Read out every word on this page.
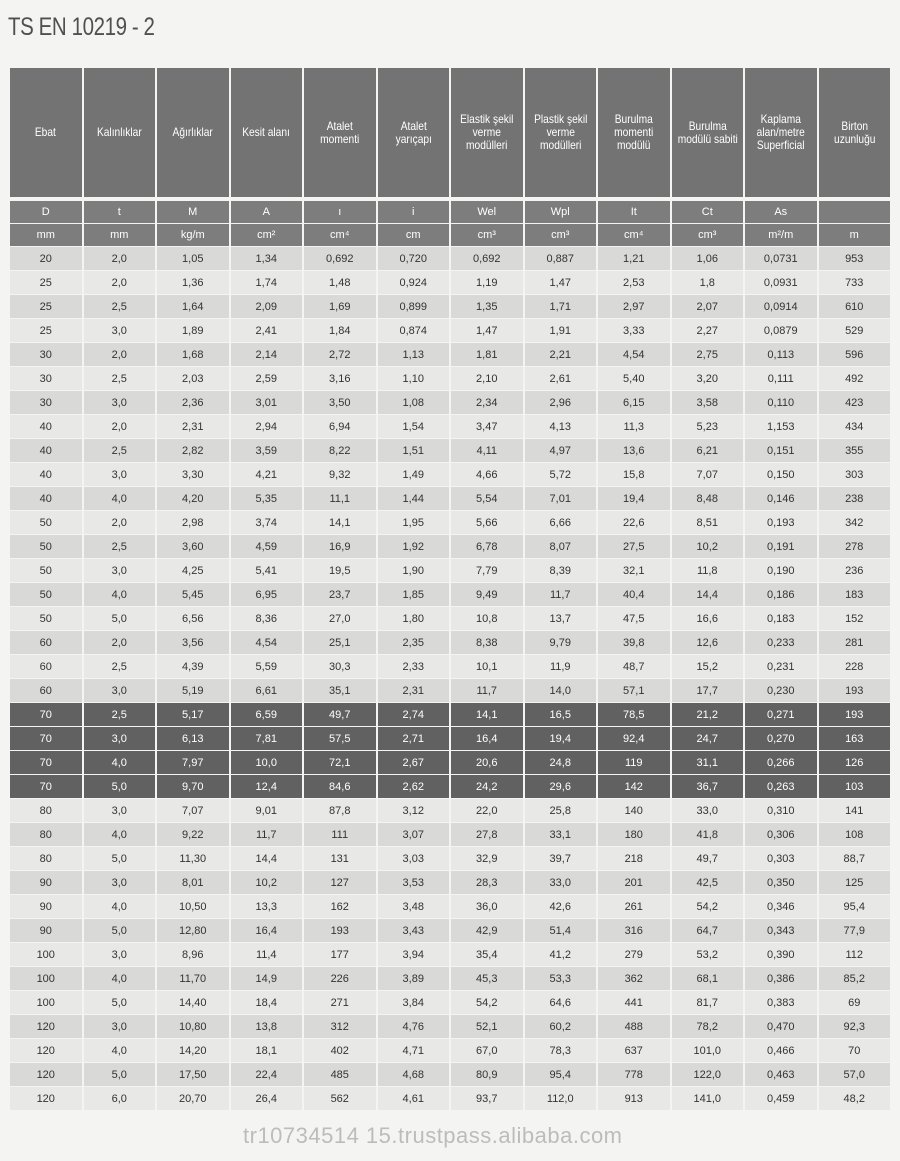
TS EN 10219 - 2
Ebat	Kalınlıklar	Ağırlıklar	Kesit alanı	Atalet momenti	Atalet yarıçapı	Elastik şekil verme modülleri	Plastik şekil verme modülleri	Burulma momenti modülü	Burulma modülü sabiti	Kaplama alan/metre Superficial	Birton uzunluğu
D	t	M	A	ı	i	Wel	Wpl	It	Ct	As	
mm	mm	kg/m	cm²	cm⁴	cm	cm³	cm³	cm⁴	cm³	m²/m	m
20	2,0	1,05	1,34	0,692	0,720	0,692	0,887	1,21	1,06	0,0731	953
25	2,0	1,36	1,74	1,48	0,924	1,19	1,47	2,53	1,8	0,0931	733
25	2,5	1,64	2,09	1,69	0,899	1,35	1,71	2,97	2,07	0,0914	610
25	3,0	1,89	2,41	1,84	0,874	1,47	1,91	3,33	2,27	0,0879	529
30	2,0	1,68	2,14	2,72	1,13	1,81	2,21	4,54	2,75	0,113	596
30	2,5	2,03	2,59	3,16	1,10	2,10	2,61	5,40	3,20	0,111	492
30	3,0	2,36	3,01	3,50	1,08	2,34	2,96	6,15	3,58	0,110	423
40	2,0	2,31	2,94	6,94	1,54	3,47	4,13	11,3	5,23	1,153	434
40	2,5	2,82	3,59	8,22	1,51	4,11	4,97	13,6	6,21	0,151	355
40	3,0	3,30	4,21	9,32	1,49	4,66	5,72	15,8	7,07	0,150	303
40	4,0	4,20	5,35	11,1	1,44	5,54	7,01	19,4	8,48	0,146	238
50	2,0	2,98	3,74	14,1	1,95	5,66	6,66	22,6	8,51	0,193	342
50	2,5	3,60	4,59	16,9	1,92	6,78	8,07	27,5	10,2	0,191	278
50	3,0	4,25	5,41	19,5	1,90	7,79	8,39	32,1	11,8	0,190	236
50	4,0	5,45	6,95	23,7	1,85	9,49	11,7	40,4	14,4	0,186	183
50	5,0	6,56	8,36	27,0	1,80	10,8	13,7	47,5	16,6	0,183	152
60	2,0	3,56	4,54	25,1	2,35	8,38	9,79	39,8	12,6	0,233	281
60	2,5	4,39	5,59	30,3	2,33	10,1	11,9	48,7	15,2	0,231	228
60	3,0	5,19	6,61	35,1	2,31	11,7	14,0	57,1	17,7	0,230	193
70	2,5	5,17	6,59	49,7	2,74	14,1	16,5	78,5	21,2	0,271	193
70	3,0	6,13	7,81	57,5	2,71	16,4	19,4	92,4	24,7	0,270	163
70	4,0	7,97	10,0	72,1	2,67	20,6	24,8	119	31,1	0,266	126
70	5,0	9,70	12,4	84,6	2,62	24,2	29,6	142	36,7	0,263	103
80	3,0	7,07	9,01	87,8	3,12	22,0	25,8	140	33,0	0,310	141
80	4,0	9,22	11,7	111	3,07	27,8	33,1	180	41,8	0,306	108
80	5,0	11,30	14,4	131	3,03	32,9	39,7	218	49,7	0,303	88,7
90	3,0	8,01	10,2	127	3,53	28,3	33,0	201	42,5	0,350	125
90	4,0	10,50	13,3	162	3,48	36,0	42,6	261	54,2	0,346	95,4
90	5,0	12,80	16,4	193	3,43	42,9	51,4	316	64,7	0,343	77,9
100	3,0	8,96	11,4	177	3,94	35,4	41,2	279	53,2	0,390	112
100	4,0	11,70	14,9	226	3,89	45,3	53,3	362	68,1	0,386	85,2
100	5,0	14,40	18,4	271	3,84	54,2	64,6	441	81,7	0,383	69
120	3,0	10,80	13,8	312	4,76	52,1	60,2	488	78,2	0,470	92,3
120	4,0	14,20	18,1	402	4,71	67,0	78,3	637	101,0	0,466	70
120	5,0	17,50	22,4	485	4,68	80,9	95,4	778	122,0	0,463	57,0
120	6,0	20,70	26,4	562	4,61	93,7	112,0	913	141,0	0,459	48,2
tr10734514 15.trustpass.alibaba.com
